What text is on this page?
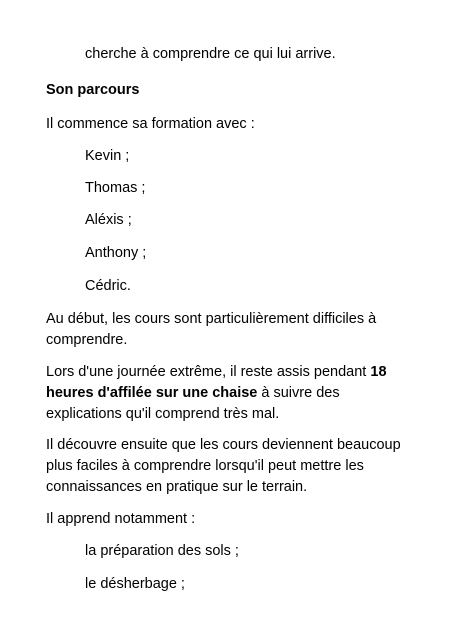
cherche à comprendre ce qui lui arrive.

Son parcours

Il commence sa formation avec :

Kevin ;

Thomas ;

Aléxis ;

Anthony ;

Cédric.

Au début, les cours sont particulièrement difficiles à comprendre.

Lors d'une journée extrême, il reste assis pendant 18 heures d'affilée sur une chaise à suivre des explications qu'il comprend très mal.

Il découvre ensuite que les cours deviennent beaucoup plus faciles à comprendre lorsqu'il peut mettre les connaissances en pratique sur le terrain.

Il apprend notamment :

la préparation des sols ;

le désherbage ;
